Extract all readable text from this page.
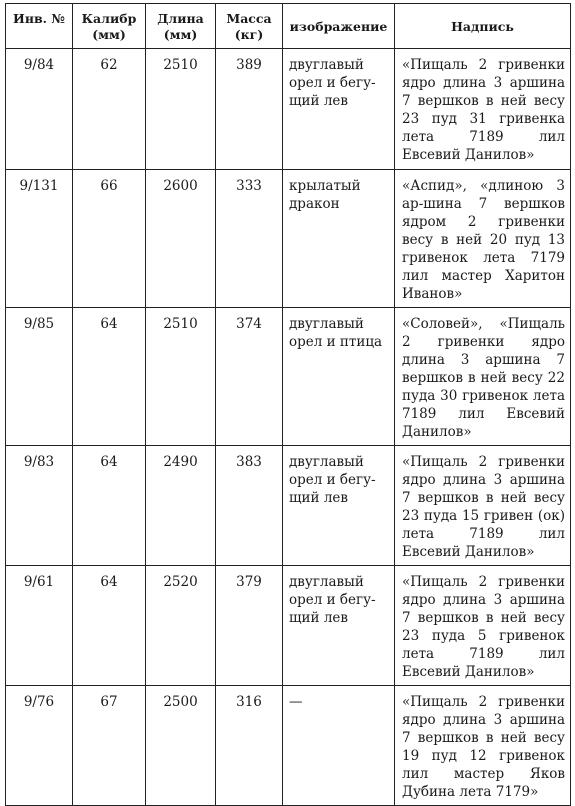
Инв. №	Калибр (мм)	Длина (мм)	Масса (кг)	изображение	Надпись
9/84	62	2510	389	двуглавый орел и бегу-щий лев	«Пищаль 2 гривенки ядро длина 3 аршина 7 вершков в ней весу 23 пуд 31 гривенка лета 7189 лил Евсевий Данилов»
9/131	66	2600	333	крылатый дракон	«Аспид», «длиною 3 ар-шина 7 вершков ядром 2 гривенки весу в ней 20 пуд 13 гривенок лета 7179 лил мастер Харитон Иванов»
9/85	64	2510	374	двуглавый орел и птица	«Соловей», «Пищаль 2 гривенки ядро длина 3 аршина 7 вершков в ней весу 22 пуда 30 гривенок лета 7189 лил Евсевий Данилов»
9/83	64	2490	383	двуглавый орел и бегу-щий лев	«Пищаль 2 гривенки ядро длина 3 аршина 7 вершков в ней весу 23 пуда 15 гривен (ок) лета 7189 лил Евсевий Данилов»
9/61	64	2520	379	двуглавый орел и бегу-щий лев	«Пищаль 2 гривенки ядро длина 3 аршина 7 вершков в ней весу 23 пуда 5 гривенок лета 7189 лил Евсевий Данилов»
9/76	67	2500	316	—	«Пищаль 2 гривенки ядро длина 3 аршина 7 вершков в ней весу 19 пуд 12 гривенок лил мастер Яков Дубина лета 7179»
